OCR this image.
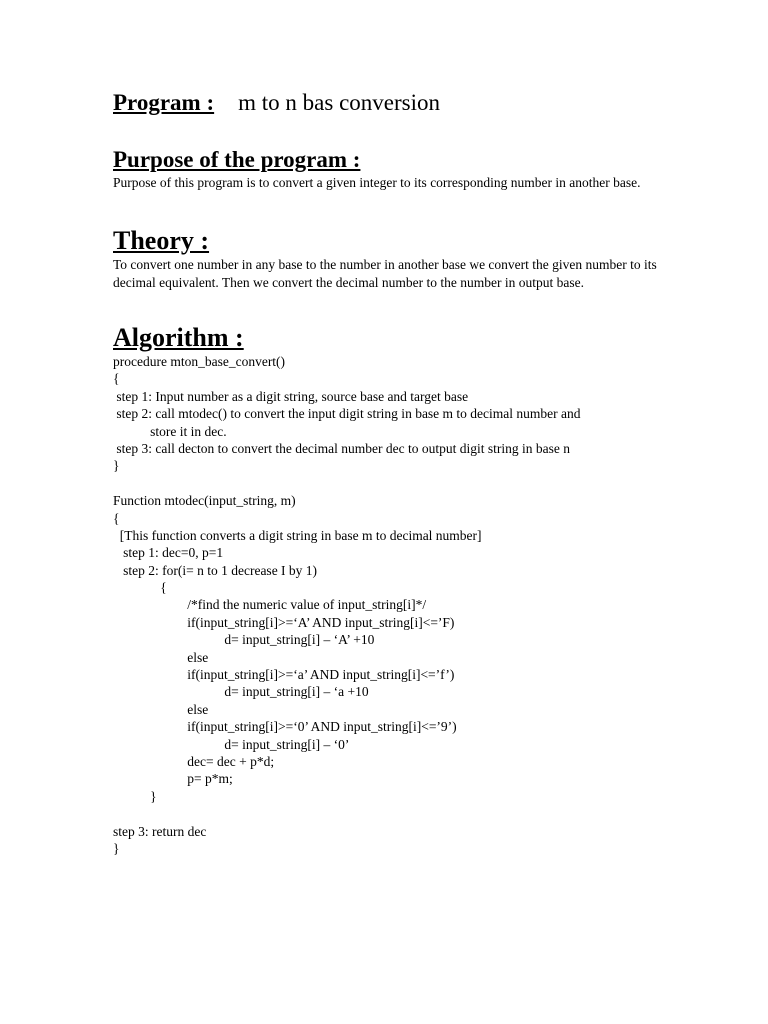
Program : m to n bas conversion
Purpose of the program :

Purpose of this program is to convert a given integer to its corresponding number in another base.

Theory :

To convert one number in any base to the number in another base we convert the given number to its decimal equivalent. Then we convert the decimal number to the number in output base.

Algorithm :
procedure mton_base_convert()
{
step 1: Input number as a digit string, source base and target base
step 2: call mtodec() to convert the input digit string in base m to decimal number and
store it in dec.
step 3: call decton to convert the decimal number dec to output digit string in base n
}
Function mtodec(input_string, m)
{
[This function converts a digit string in base m to decimal number]
step 1: dec=0, p=1
step 2: for(i= n to 1 decrease I by 1)
{
/*find the numeric value of input_string[i]*/
if(input_string[i]>=‘A’ AND input_string[i]<=’F)
d= input_string[i] – ‘A’ +10
else
if(input_string[i]>=‘a’ AND input_string[i]<=’f’)
d= input_string[i] – ‘a +10
else
if(input_string[i]>=‘0’ AND input_string[i]<=’9’)
d= input_string[i] – ‘0’
dec= dec + p*d;
p= p*m;
}
step 3: return dec
}
